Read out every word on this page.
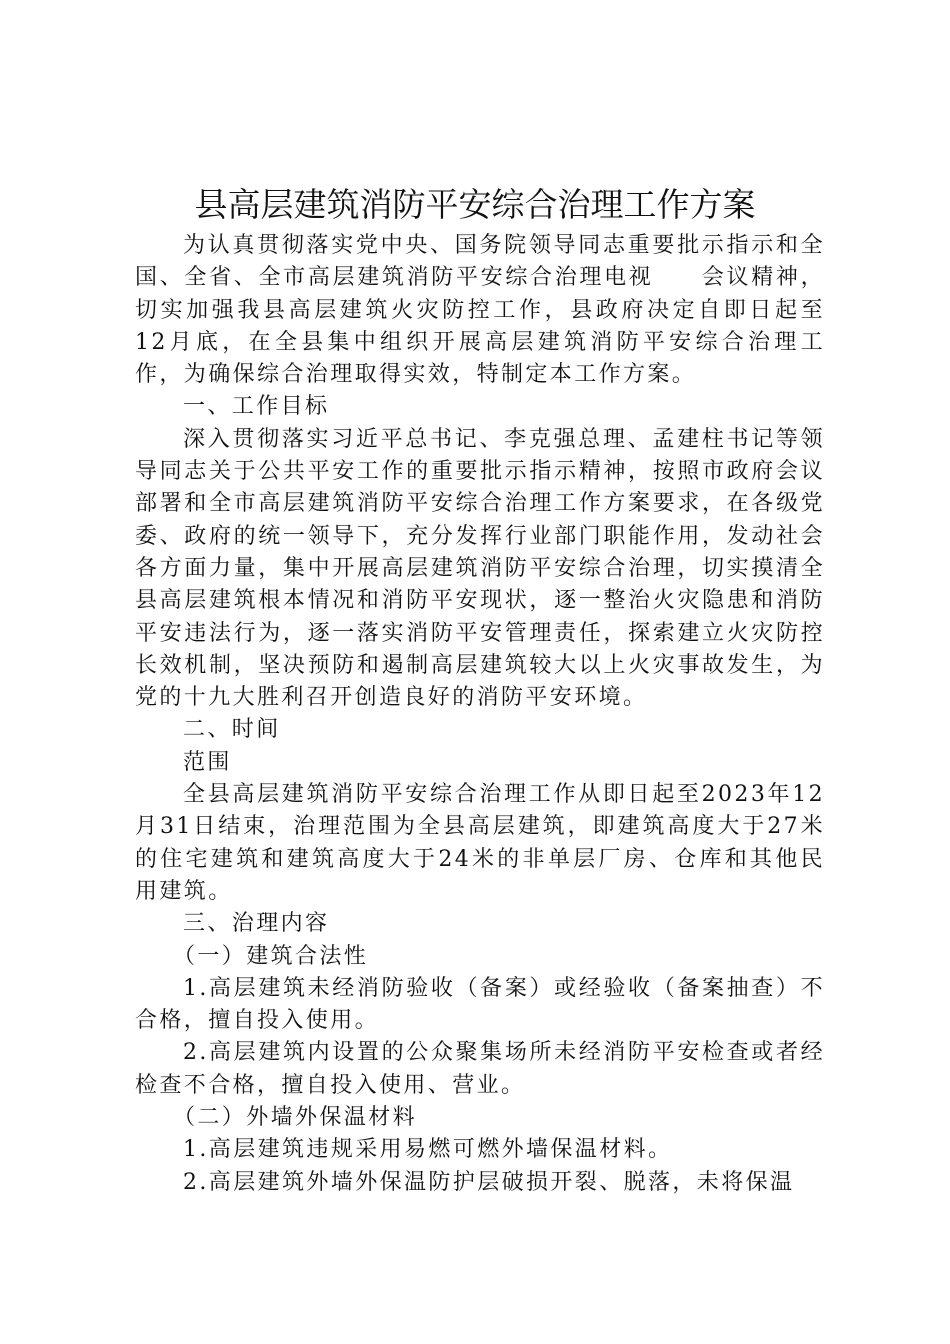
县高层建筑消防平安综合治理工作方案

为认真贯彻落实党中央、国务院领导同志重要批示指示和全国、全省、全市高层建筑消防平安综合治理电视     会议精神，切实加强我县高层建筑火灾防控工作，县政府决定自即日起至12月底，在全县集中组织开展高层建筑消防平安综合治理工作，为确保综合治理取得实效，特制定本工作方案。

一、工作目标

深入贯彻落实习近平总书记、李克强总理、孟建柱书记等领导同志关于公共平安工作的重要批示指示精神，按照市政府会议部署和全市高层建筑消防平安综合治理工作方案要求，在各级党委、政府的统一领导下，充分发挥行业部门职能作用，发动社会各方面力量，集中开展高层建筑消防平安综合治理，切实摸清全县高层建筑根本情况和消防平安现状，逐一整治火灾隐患和消防平安违法行为，逐一落实消防平安管理责任，探索建立火灾防控长效机制，坚决预防和遏制高层建筑较大以上火灾事故发生，为党的十九大胜利召开创造良好的消防平安环境。

二、时间

范围

全县高层建筑消防平安综合治理工作从即日起至2023年12月31日结束，治理范围为全县高层建筑，即建筑高度大于27米的住宅建筑和建筑高度大于24米的非单层厂房、仓库和其他民用建筑。

三、治理内容

（一）建筑合法性

1.高层建筑未经消防验收（备案）或经验收（备案抽查）不合格，擅自投入使用。

2.高层建筑内设置的公众聚集场所未经消防平安检查或者经检查不合格，擅自投入使用、营业。

（二）外墙外保温材料

1.高层建筑违规采用易燃可燃外墙保温材料。

2.高层建筑外墙外保温防护层破损开裂、脱落，未将保温
